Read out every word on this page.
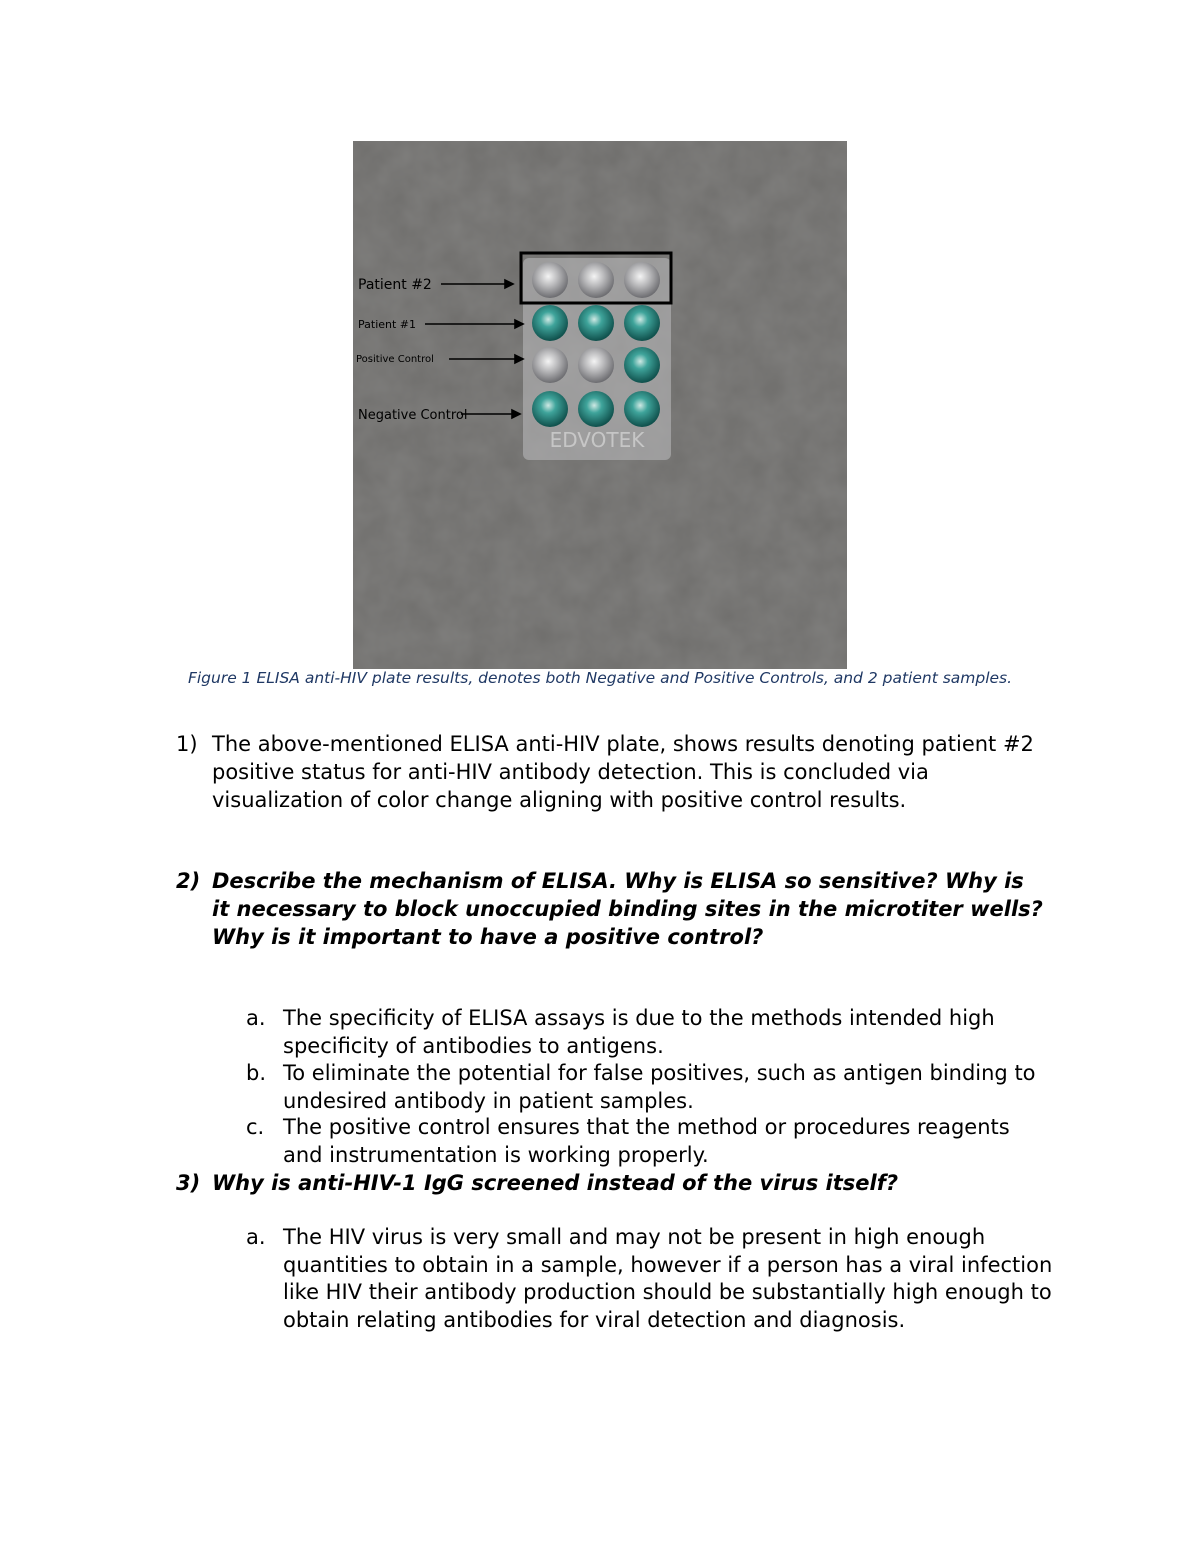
EDVOTEK
Patient #2
Patient #1
Positive Control
Negative Control
Figure 1 ELISA anti-HIV plate results, denotes both Negative and Positive Controls, and 2 patient samples.
1) The above-mentioned ELISA anti-HIV plate, shows results denoting patient #2 positive status for anti-HIV antibody detection. This is concluded via visualization of color change aligning with positive control results.
2) Describe the mechanism of ELISA. Why is ELISA so sensitive? Why is it necessary to block unoccupied binding sites in the microtiter wells? Why is it important to have a positive control?
a. The specificity of ELISA assays is due to the methods intended high specificity of antibodies to antigens.
b. To eliminate the potential for false positives, such as antigen binding to undesired antibody in patient samples.
c. The positive control ensures that the method or procedures reagents and instrumentation is working properly.
3) Why is anti-HIV-1 IgG screened instead of the virus itself?
a. The HIV virus is very small and may not be present in high enough quantities to obtain in a sample, however if a person has a viral infection like HIV their antibody production should be substantially high enough to obtain relating antibodies for viral detection and diagnosis.
